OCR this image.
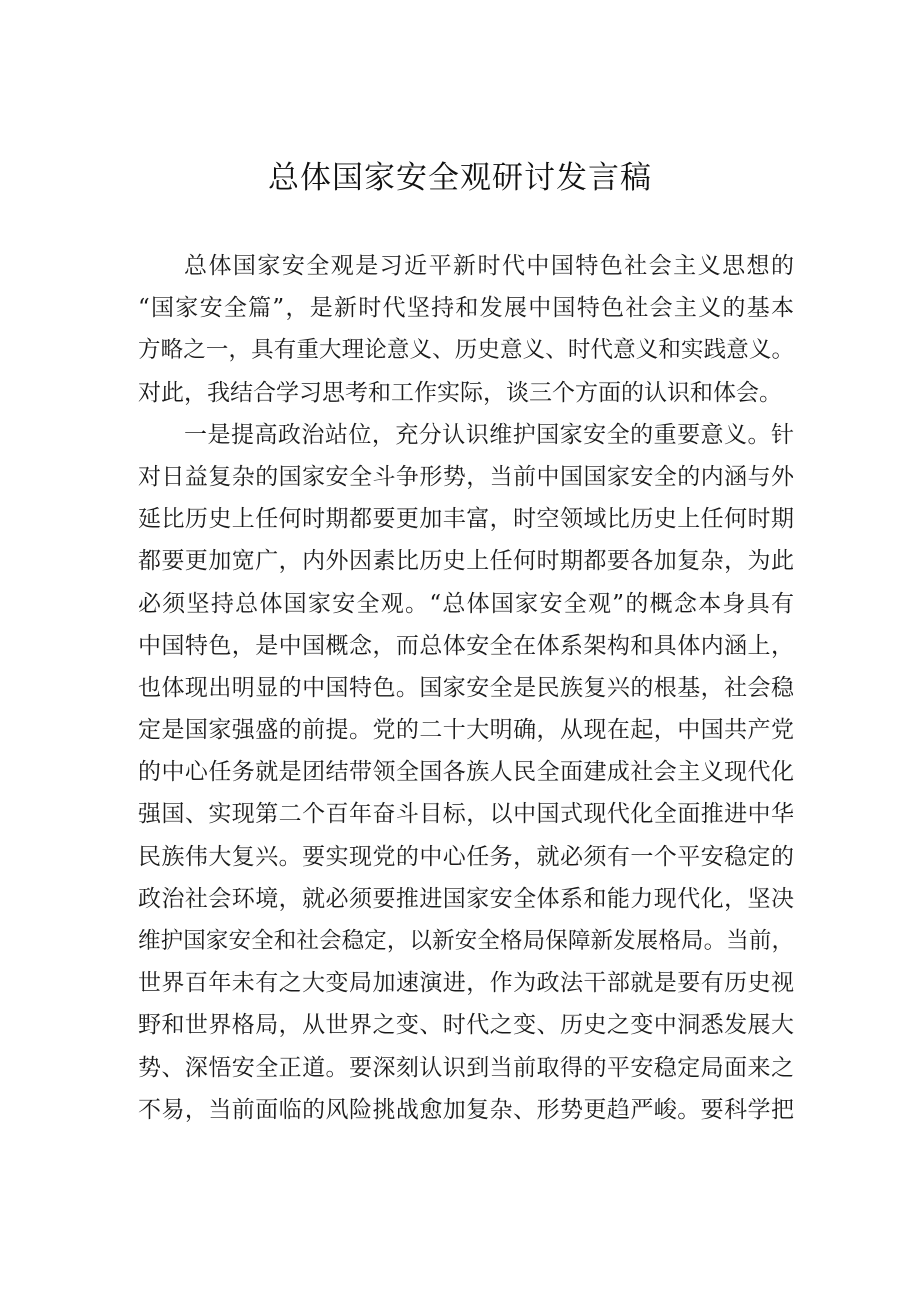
总体国家安全观研讨发言稿
总体国家安全观是习近平新时代中国特色社会主义思想的
“国家安全篇”，是新时代坚持和发展中国特色社会主义的基本
方略之一，具有重大理论意义、历史意义、时代意义和实践意义。
对此，我结合学习思考和工作实际，谈三个方面的认识和体会。
一是提高政治站位，充分认识维护国家安全的重要意义。针
对日益复杂的国家安全斗争形势，当前中国国家安全的内涵与外
延比历史上任何时期都要更加丰富，时空领域比历史上任何时期
都要更加宽广，内外因素比历史上任何时期都要各加复杂，为此
必须坚持总体国家安全观。“总体国家安全观”的概念本身具有
中国特色，是中国概念，而总体安全在体系架构和具体内涵上，
也体现出明显的中国特色。国家安全是民族复兴的根基，社会稳
定是国家强盛的前提。党的二十大明确，从现在起，中国共产党
的中心任务就是团结带领全国各族人民全面建成社会主义现代化
强国、实现第二个百年奋斗目标，以中国式现代化全面推进中华
民族伟大复兴。要实现党的中心任务，就必须有一个平安稳定的
政治社会环境，就必须要推进国家安全体系和能力现代化，坚决
维护国家安全和社会稳定，以新安全格局保障新发展格局。当前，
世界百年未有之大变局加速演进，作为政法干部就是要有历史视
野和世界格局，从世界之变、时代之变、历史之变中洞悉发展大
势、深悟安全正道。要深刻认识到当前取得的平安稳定局面来之
不易，当前面临的风险挑战愈加复杂、形势更趋严峻。要科学把
